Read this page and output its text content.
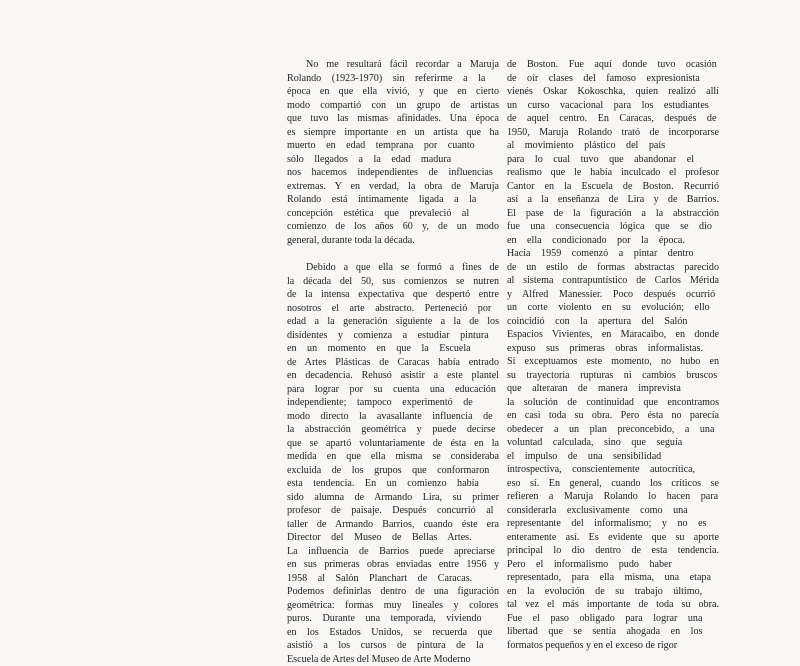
No me resultará fácil recordar a Maruja
Rolando (1923-1970) sin referirme a la
época en que ella vivió, y que en cierto
modo compartió con un grupo de artistas
que tuvo las mismas afinidades. Una época
es siempre importante en un artista que ha
muerto en edad temprana por cuanto
sólo llegados a la edad madura
nos hacemos independientes de influencias
extremas. Y en verdad, la obra de Maruja
Rolando está íntimamente ligada a la
concepción estética que prevaleció al
comienzo de los años 60 y, de un modo
general, durante toda la década.
Debido a que ella se formó a fines de
la década del 50, sus comienzos se nutren
de la intensa expectativa que despertó entre
nosotros el arte abstracto. Perteneció por
edad a la generación siguiente a la de los
disidentes y comienza a estudiar pintura
en un momento en que la Escuela
de Artes Plásticas de Caracas había entrado
en decadencia. Rehusó asistir a este plantel
para lograr por su cuenta una educación
independiente; tampoco experimentó de
modo directo la avasallante influencia de
la abstracción geométrica y puede decirse
que se apartó voluntariamente de ésta en la
medida en que ella misma se consideraba
excluida de los grupos que conformaron
esta tendencia. En un comienzo había
sido alumna de Armando Lira, su primer
profesor de paisaje. Después concurrió al
taller de Armando Barrios, cuando éste era
Director del Museo de Bellas Artes.
La influencia de Barrios puede apreciarse
en sus primeras obras enviadas entre 1956 y
1958 al Salón Planchart de Caracas.
Podemos definirlas dentro de una figuración
geométrica: formas muy lineales y colores
puros. Durante una temporada, viviendo
en los Estados Unidos, se recuerda que
asistió a los cursos de pintura de la
Escuela de Artes del Museo de Arte Moderno
de Boston. Fue aquí donde tuvo ocasión
de oír clases del famoso expresionista
vienés Oskar Kokoschka, quien realizó allí
un curso vacacional para los estudiantes
de aquel centro. En Caracas, después de
1950, Maruja Rolando trató de incorporarse
al movimiento plástico del país
para lo cual tuvo que abandonar el
realismo que le había inculcado el profesor
Cantor en la Escuela de Boston. Recurrió
así a la enseñanza de Lira y de Barrios.
El pase de la figuración a la abstracción
fue una consecuencia lógica que se dio
en ella condicionado por la época.
Hacia 1959 comenzó a pintar dentro
de un estilo de formas abstractas parecido
al sistema contrapuntístico de Carlos Mérida
y Alfred Manessier. Poco después ocurrió
un corte violento en su evolución; ello
coincidió con la apertura del Salón
Espacios Vivientes, en Maracaibo, en donde
expuso sus primeras obras informalistas.
Si exceptuamos este momento, no hubo en
su trayectoria rupturas ni cambios bruscos
que alteraran de manera imprevista
la solución de continuidad que encontramos
en casi toda su obra. Pero ésta no parecía
obedecer a un plan preconcebido, a una
voluntad calculada, sino que seguía
el impulso de una sensibilidad
introspectiva, conscientemente autocrítica,
eso sí. En general, cuando los críticos se
refieren a Maruja Rolando lo hacen para
considerarla exclusivamente como una
representante del informalismo; y no es
enteramente así. Es evidente que su aporte
principal lo dio dentro de esta tendencia.
Pero el informalismo pudo haber
representado, para ella misma, una etapa
en la evolución de su trabajo último,
tal vez el más importante de toda su obra.
Fue el paso obligado para lograr una
libertad que se sentía ahogada en los
formatos pequeños y en el exceso de rigor
